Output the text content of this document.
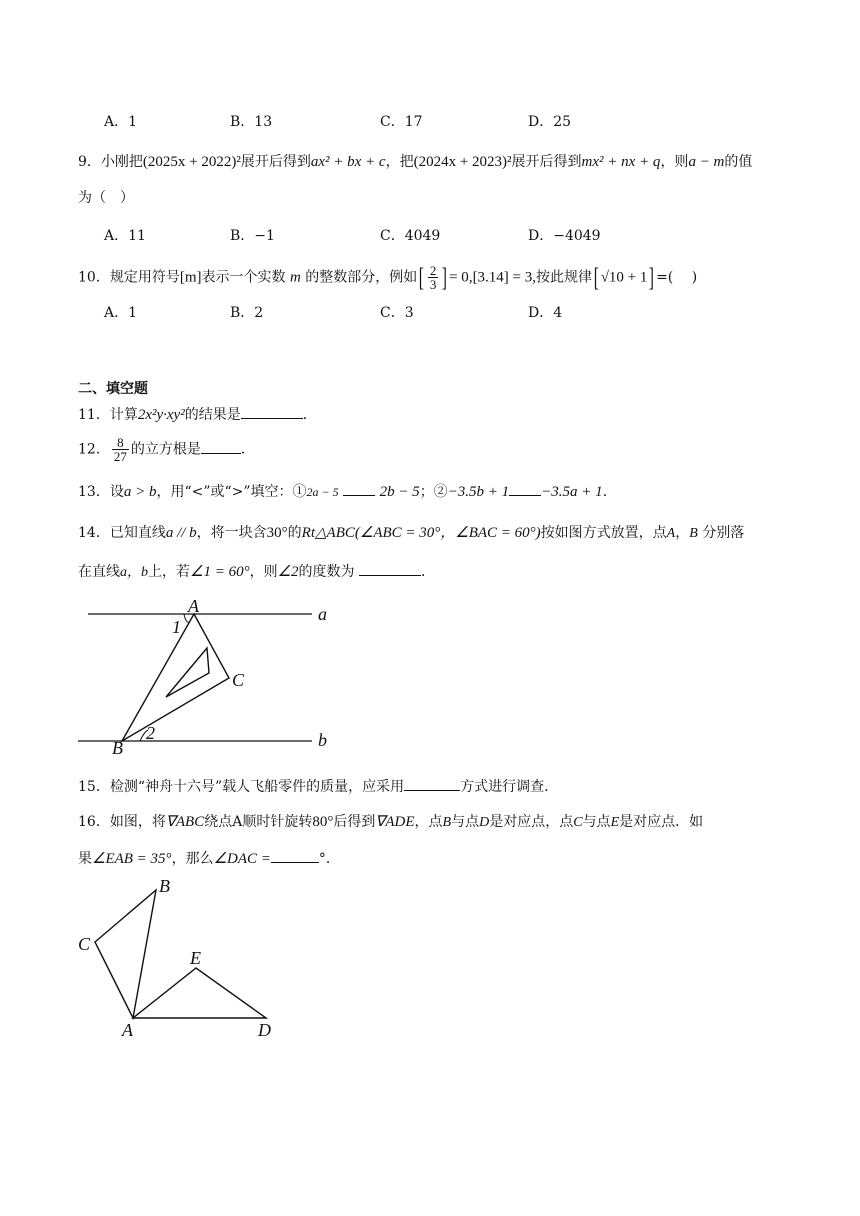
A．1	B．13	C．17	D．25
9．小刚把(2025x + 2022)²展开后得到ax² + bx + c，把(2024x + 2023)²展开后得到mx² + nx + q，则a − m的值
为（　）
A．11	B．−1	C．4049	D．−4049
10．规定用符号[m]表示一个实数 m 的整数部分，例如[ $\frac{2}{3}$ ] = 0,[3.14] = 3,按此规律[ √10 + 1] =(　 )
A．1	B．2	C．3	D．4
二、填空题
11．计算2x²y·xy²的结果是	．
12． $\frac{8}{27}$ 的立方根是	．
13．设a > b，用“<”或“>”填空：①2a − 5	2b − 5；②−3.5b + 1 −3.5a + 1．
14．已知直线a // b，将一块含30°的Rt△ABC(∠ABC = 30°，∠BAC = 60°)按如图方式放置，点A，B 分别落
在直线a，b上，若∠1 = 60°，则∠2的度数为	．
A
1
C
a
B
2	b
15．检测“神舟十六号”载人飞船零件的质量，应采用	方式进行调查．
16．如图，将∇ABC绕点A顺时针旋转80°后得到∇ADE，点B与点D是对应点，点C与点E是对应点．如
果∠EAB = 35°，那么∠DAC =	°．
B
C
E
A	D
